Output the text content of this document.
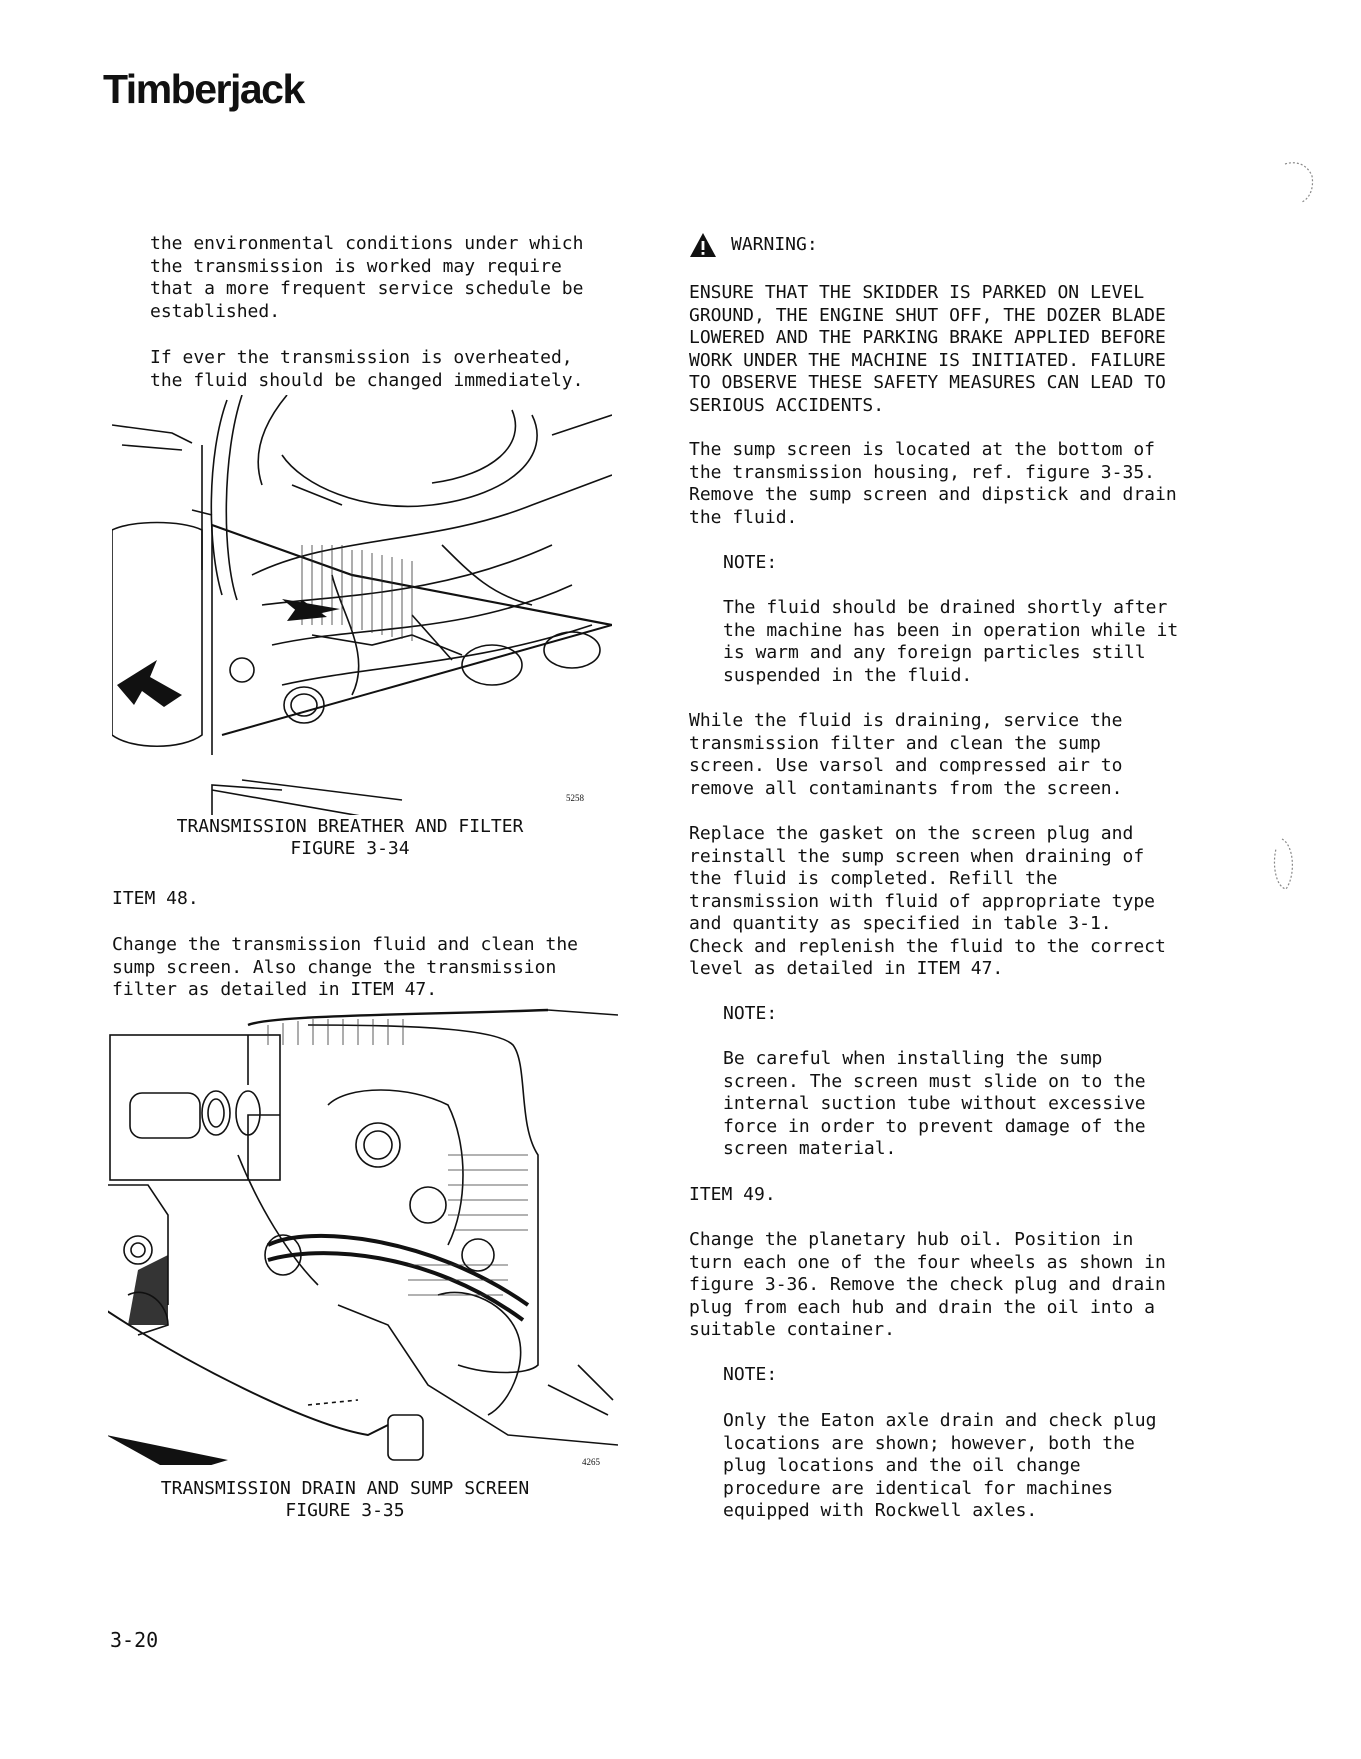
Timberjack

the environmental conditions under which
the transmission is worked may require
that a more frequent service schedule be
established.

If ever the transmission is overheated,
the fluid should be changed immediately.

5258
TRANSMISSION BREATHER AND FILTER
FIGURE 3-34
ITEM 48.

Change the transmission fluid and clean the
sump screen. Also change the transmission
filter as detailed in ITEM 47.

4265
TRANSMISSION DRAIN AND SUMP SCREEN
FIGURE 3-35
WARNING:

ENSURE THAT THE SKIDDER IS PARKED ON LEVEL
GROUND, THE ENGINE SHUT OFF, THE DOZER BLADE
LOWERED AND THE PARKING BRAKE APPLIED BEFORE
WORK UNDER THE MACHINE IS INITIATED. FAILURE
TO OBSERVE THESE SAFETY MEASURES CAN LEAD TO
SERIOUS ACCIDENTS.

The sump screen is located at the bottom of
the transmission housing, ref. figure 3-35.
Remove the sump screen and dipstick and drain
the fluid.

NOTE:

The fluid should be drained shortly after
the machine has been in operation while it
is warm and any foreign particles still
suspended in the fluid.

While the fluid is draining, service the
transmission filter and clean the sump
screen. Use varsol and compressed air to
remove all contaminants from the screen.

Replace the gasket on the screen plug and
reinstall the sump screen when draining of
the fluid is completed. Refill the
transmission with fluid of appropriate type
and quantity as specified in table 3-1.
Check and replenish the fluid to the correct
level as detailed in ITEM 47.

NOTE:

Be careful when installing the sump
screen. The screen must slide on to the
internal suction tube without excessive
force in order to prevent damage of the
screen material.

ITEM 49.

Change the planetary hub oil. Position in
turn each one of the four wheels as shown in
figure 3-36. Remove the check plug and drain
plug from each hub and drain the oil into a
suitable container.

NOTE:

Only the Eaton axle drain and check plug
locations are shown; however, both the
plug locations and the oil change
procedure are identical for machines
equipped with Rockwell axles.

3-20
